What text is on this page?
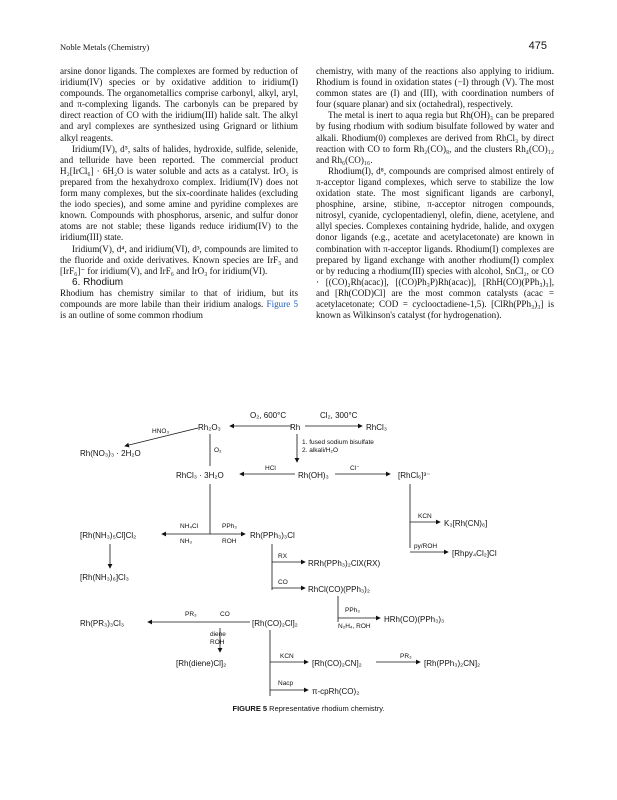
Noble Metals (Chemistry)	475

arsine donor ligands. The complexes are formed by reduction of iridium(IV) species or by oxidative addition to iridium(I) compounds. The organometallics comprise carbonyl, alkyl, aryl, and π-complexing ligands. The carbonyls can be prepared by direct reaction of CO with the iridium(III) halide salt. The alkyl and aryl complexes are synthesized using Grignard or lithium alkyl reagents.

Iridium(IV), d⁵, salts of halides, hydroxide, sulfide, selenide, and telluride have been reported. The commercial product H₂[IrCl₆] · 6H₂O is water soluble and acts as a catalyst. IrO₂ is prepared from the hexahydroxo complex. Iridium(IV) does not form many complexes, but the six-coordinate halides (excluding the iodo species), and some amine and pyridine complexes are known. Compounds with phosphorus, arsenic, and sulfur donor atoms are not stable; these ligands reduce iridium(IV) to the iridium(III) state.

Iridium(V), d⁴, and iridium(VI), d³, compounds are limited to the fluoride and oxide derivatives. Known species are IrF₅ and [IrF₆]⁻ for iridium(V), and IrF₆ and IrO₃ for iridium(VI).

6. Rhodium

Rhodium has chemistry similar to that of iridium, but its compounds are more labile than their iridium analogs. Figure 5 is an outline of some common rhodium

chemistry, with many of the reactions also applying to iridium. Rhodium is found in oxidation states (−I) through (V). The most common states are (I) and (III), with coordination numbers of four (square planar) and six (octahedral), respectively.

The metal is inert to aqua regia but Rh(OH)₃ can be prepared by fusing rhodium with sodium bisulfate followed by water and alkali. Rhodium(0) complexes are derived from RhCl₃ by direct reaction with CO to form Rh₂(CO)₈, and the clusters Rh₄(CO)₁₂ and Rh₆(CO)₁₆.

Rhodium(I), d⁸, compounds are comprised almost entirely of π-acceptor ligand complexes, which serve to stabilize the low oxidation state. The most significant ligands are carbonyl, phosphine, arsine, stibine, π-acceptor nitrogen compounds, nitrosyl, cyanide, cyclopentadienyl, olefin, diene, acetylene, and allyl species. Complexes containing hydride, halide, and oxygen donor ligands (e.g., acetate and acetylacetonate) are known in combination with π-acceptor ligands. Rhodium(I) complexes are prepared by ligand exchange with another rhodium(I) complex or by reducing a rhodium(III) species with alcohol, SnCl₂, or CO · [(CO)₂Rh(acac)], [(CO)Ph₃P)Rh(acac)], [RhH(CO)(PPh₃)₃], and [Rh(COD)Cl] are the most common catalysts (acac = acetylacetonate; COD = cyclooctadiene-1,5). [ClRh(PPh₃)₃] is known as Wilkinson's catalyst (for hydrogenation).

O₂, 600°C	Cl₂, 300°C
Rh₂O₃	Rh	RhCl₃
HNO₃
Rh(NO₃)₃ · 2H₂O	O₂
1. fused sodium bisulfate
2. alkali/H₂O
RhCl₃ · 3H₂O
HCl
Rh(OH)₃
Cl⁻
[RhCl₆]³⁻
KCN
K₃[Rh(CN)₆]
py/ROH
[Rhpy₄Cl₂]Cl
[Rh(NH₃)₅Cl]Cl₂
NH₄Cl
NH₃
PPh₃
ROH
Rh(PPh₃)₃Cl
[Rh(NH₃)₆]Cl₃
RX
RRh(PPh₃)₂ClX(RX)
CO
RhCl(CO)(PPh₃)₂
PPh₃
N₂H₄, ROH
HRh(CO)(PPh₃)₃
Rh(PR₃)₃Cl₃
PR₃	CO
[Rh(CO)₂Cl]₂
diene
ROH
[Rh(diene)Cl]₂
KCN
[Rh(CO)₂CN]₂
PR₃
[Rh(PPh₃)₂CN]₂
Nacp
π-cpRh(CO)₂
FIGURE 5 Representative rhodium chemistry.
